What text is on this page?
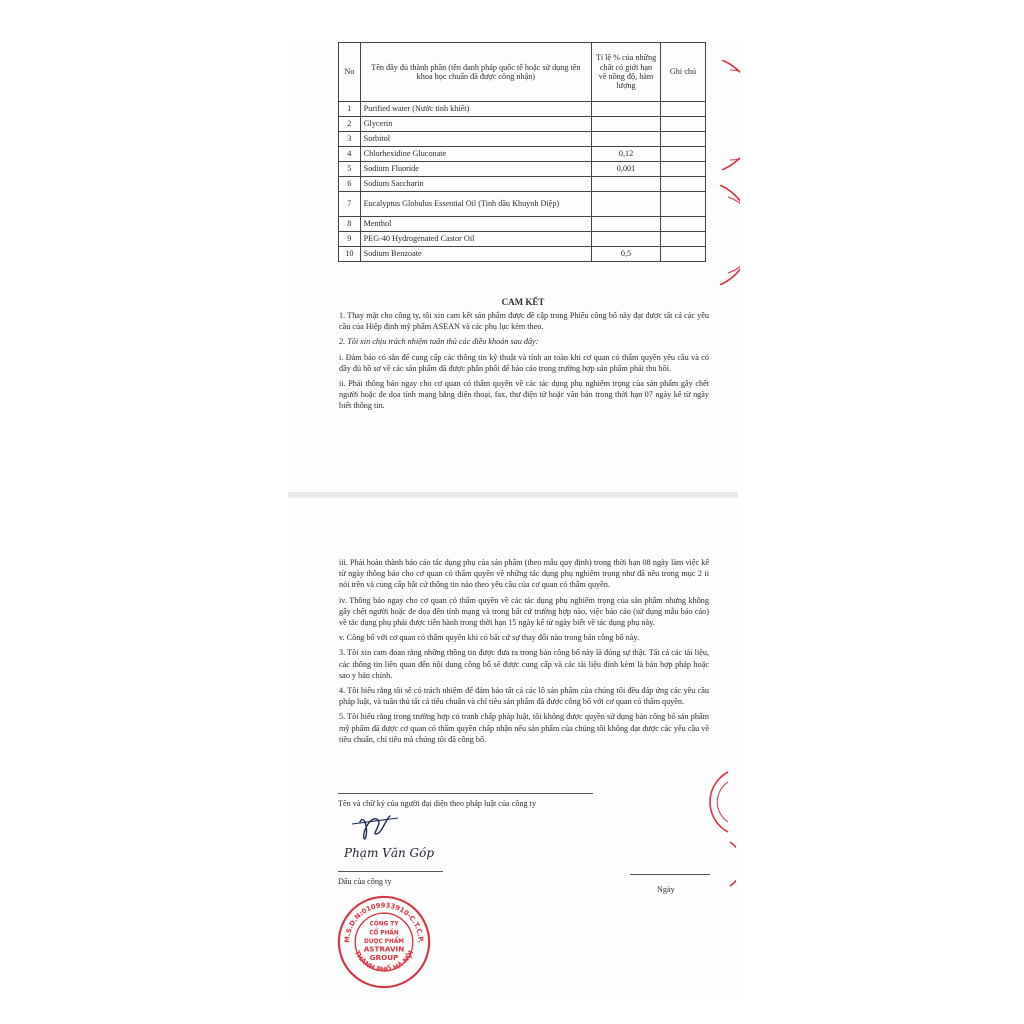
No	Tên đầy đủ thành phần (tên danh pháp quốc tế hoặc sử dụng tên khoa học chuẩn đã được công nhận)	Tỉ lệ % của những chất có giới hạn về nồng độ, hàm lượng	Ghi chú
1	Purified water (Nước tinh khiết)		
2	Glycerin		
3	Sorbitol		
4	Chlorhexidine Gluconate	0,12	
5	Sodium Fluoride	0,001	
6	Sodium Saccharin		
7	Eucalyptus Globulus Essential Oil (Tinh dầu Khuynh Diệp)		
8	Menthol		
9	PEG-40 Hydrogenated Castor Oil		
10	Sodium Benzoate	0,5	
CAM KẾT

1. Thay mặt cho công ty, tôi xin cam kết sản phẩm được đề cập trong Phiếu công bố này đạt được tất cả các yêu cầu của Hiệp định mỹ phẩm ASEAN và các phụ lục kèm theo.

2. Tôi xin chịu trách nhiệm tuân thủ các điều khoản sau đây:

i. Đảm bảo có sẵn để cung cấp các thông tin kỹ thuật và tính an toàn khi cơ quan có thẩm quyền yêu cầu và có đầy đủ hồ sơ về các sản phẩm đã được phân phối để báo cáo trong trường hợp sản phẩm phải thu hồi.

ii. Phải thông báo ngay cho cơ quan có thẩm quyền về các tác dụng phụ nghiêm trọng của sản phẩm gây chết người hoặc đe dọa tính mạng bằng điện thoại, fax, thư điện tử hoặc văn bản trong thời hạn 07 ngày kể từ ngày biết thông tin.

iii. Phải hoàn thành báo cáo tác dụng phụ của sản phẩm (theo mẫu quy định) trong thời hạn 08 ngày làm việc kể từ ngày thông báo cho cơ quan có thẩm quyền về những tác dụng phụ nghiêm trọng như đã nêu trong mục 2 ii nói trên và cung cấp bất cứ thông tin nào theo yêu cầu của cơ quan có thẩm quyền.

iv. Thông báo ngay cho cơ quan có thẩm quyền về các tác dụng phụ nghiêm trọng của sản phẩm nhưng không gây chết người hoặc đe dọa đến tính mạng và trong bất cứ trường hợp nào, việc báo cáo (sử dụng mẫu báo cáo) về tác dụng phụ phải được tiến hành trong thời hạn 15 ngày kể từ ngày biết về tác dụng phụ này.

v. Công bố với cơ quan có thẩm quyền khi có bất cứ sự thay đổi nào trong bản công bố này.

3. Tôi xin cam đoan rằng những thông tin được đưa ra trong bản công bố này là đúng sự thật. Tất cả các tài liệu, các thông tin liên quan đến nội dung công bố sẽ được cung cấp và các tài liệu đính kèm là bản hợp pháp hoặc sao y bản chính.

4. Tôi hiểu rằng tôi sẽ có trách nhiệm để đảm bảo tất cả các lô sản phẩm của chúng tôi đều đáp ứng các yêu cầu pháp luật, và tuân thủ tất cả tiêu chuẩn và chỉ tiêu sản phẩm đã được công bố với cơ quan có thẩm quyền.

5. Tôi hiểu rằng trong trường hợp có tranh chấp pháp luật, tôi không được quyền sử dụng bản công bố sản phẩm mỹ phẩm đã được cơ quan có thẩm quyền chấp nhận nếu sản phẩm của chúng tôi không đạt được các yêu cầu về tiêu chuẩn, chỉ tiêu mà chúng tôi đã công bố.

Tên và chữ ký của người đại diện theo pháp luật của công ty
Phạm Văn Góp
Dấu của công ty
Ngày
M.S.D.N:0109933910-C.T.C.P.
THÀNH PHỐ HÀ NỘI
CÔNG TY
CỔ PHẦN
DƯỢC PHẨM
ASTRAVIN
GROUP
